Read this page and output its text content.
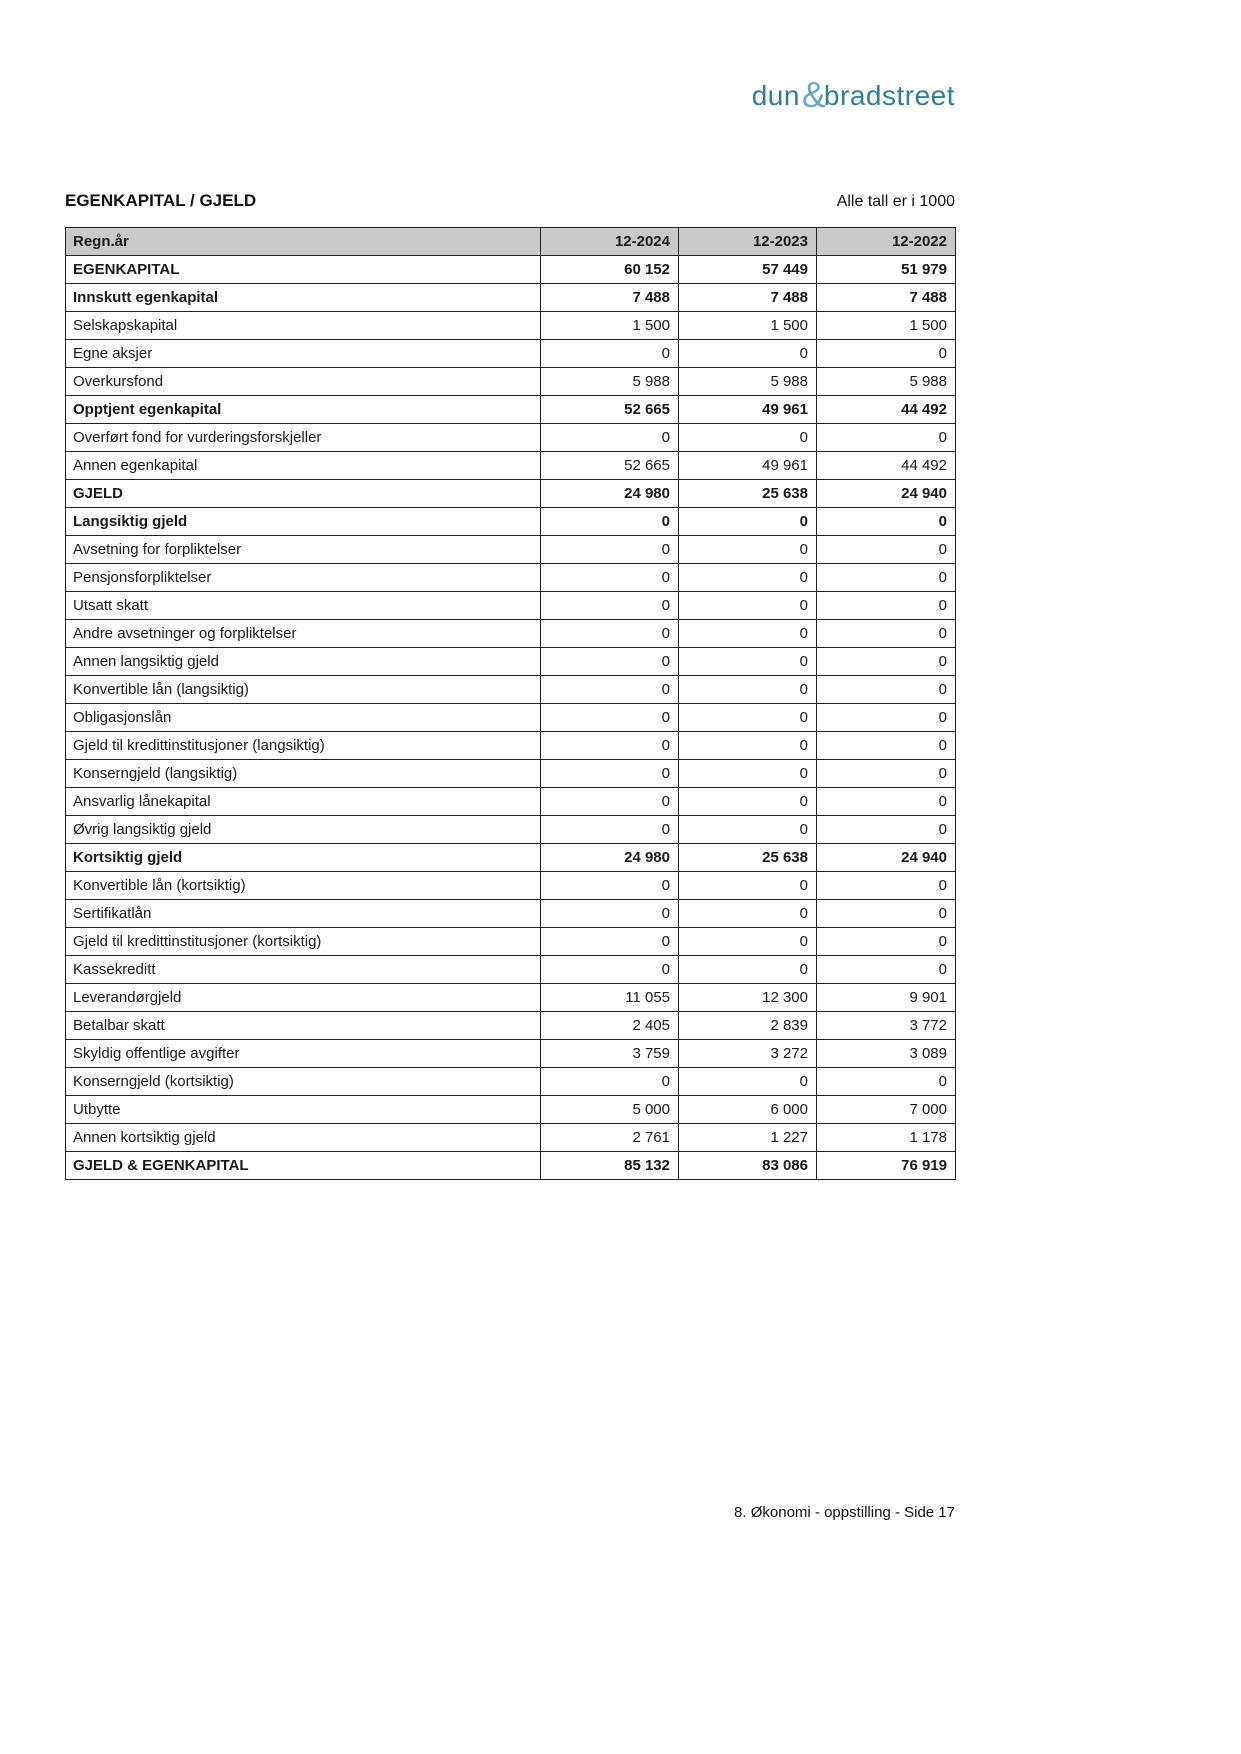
dun &
bradstreet
EGENKAPITAL / GJELD	Alle tall er i 1000
Regn.år	12-2024	12-2023	12-2022
EGENKAPITAL	60 152	57 449	51 979
Innskutt egenkapital	7 488	7 488	7 488
Selskapskapital	1 500	1 500	1 500
Egne aksjer	0	0	0
Overkursfond	5 988	5 988	5 988
Opptjent egenkapital	52 665	49 961	44 492
Overført fond for vurderingsforskjeller	0	0	0
Annen egenkapital	52 665	49 961	44 492
GJELD	24 980	25 638	24 940
Langsiktig gjeld	0	0	0
Avsetning for forpliktelser	0	0	0
Pensjonsforpliktelser	0	0	0
Utsatt skatt	0	0	0
Andre avsetninger og forpliktelser	0	0	0
Annen langsiktig gjeld	0	0	0
Konvertible lån (langsiktig)	0	0	0
Obligasjonslån	0	0	0
Gjeld til kredittinstitusjoner (langsiktig)	0	0	0
Konserngjeld (langsiktig)	0	0	0
Ansvarlig lånekapital	0	0	0
Øvrig langsiktig gjeld	0	0	0
Kortsiktig gjeld	24 980	25 638	24 940
Konvertible lån (kortsiktig)	0	0	0
Sertifikatlån	0	0	0
Gjeld til kredittinstitusjoner (kortsiktig)	0	0	0
Kassekreditt	0	0	0
Leverandørgjeld	11 055	12 300	9 901
Betalbar skatt	2 405	2 839	3 772
Skyldig offentlige avgifter	3 759	3 272	3 089
Konserngjeld (kortsiktig)	0	0	0
Utbytte	5 000	6 000	7 000
Annen kortsiktig gjeld	2 761	1 227	1 178
GJELD & EGENKAPITAL	85 132	83 086	76 919
8. Økonomi - oppstilling - Side 17
